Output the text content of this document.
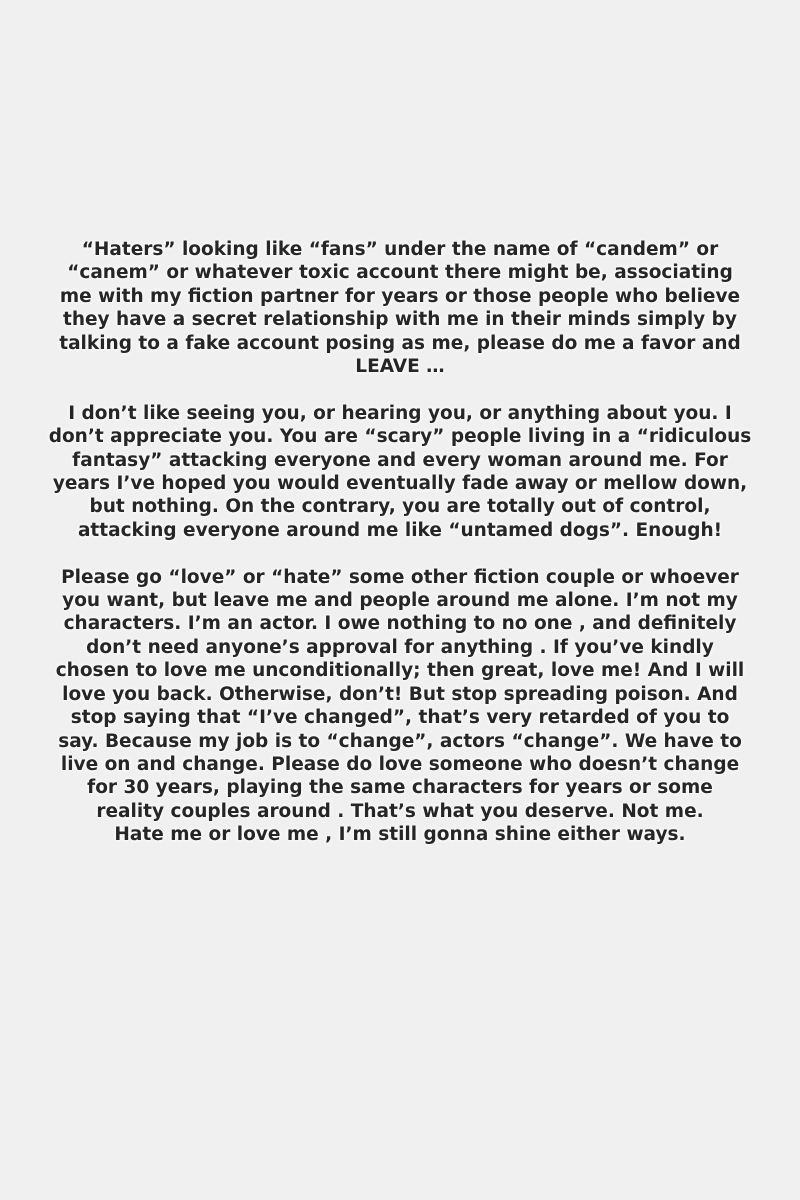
“Haters” looking like “fans” under the name of “candem” or
“canem” or whatever toxic account there might be, associating
me with my fiction partner for years or those people who believe
they have a secret relationship with me in their minds simply by
talking to a fake account posing as me, please do me a favor and
LEAVE …

I don’t like seeing you, or hearing you, or anything about you. I
don’t appreciate you. You are “scary” people living in a “ridiculous
fantasy” attacking everyone and every woman around me. For
years I’ve hoped you would eventually fade away or mellow down,
but nothing. On the contrary, you are totally out of control,
attacking everyone around me like “untamed dogs”. Enough!

Please go “love” or “hate” some other fiction couple or whoever
you want, but leave me and people around me alone. I’m not my
characters. I’m an actor. I owe nothing to no one , and definitely
don’t need anyone’s approval for anything . If you’ve kindly
chosen to love me unconditionally; then great, love me! And I will
love you back. Otherwise, don’t! But stop spreading poison. And
stop saying that “I’ve changed”, that’s very retarded of you to
say. Because my job is to “change”, actors “change”. We have to
live on and change. Please do love someone who doesn’t change
for 30 years, playing the same characters for years or some
reality couples around . That’s what you deserve. Not me.
Hate me or love me , I’m still gonna shine either ways.
